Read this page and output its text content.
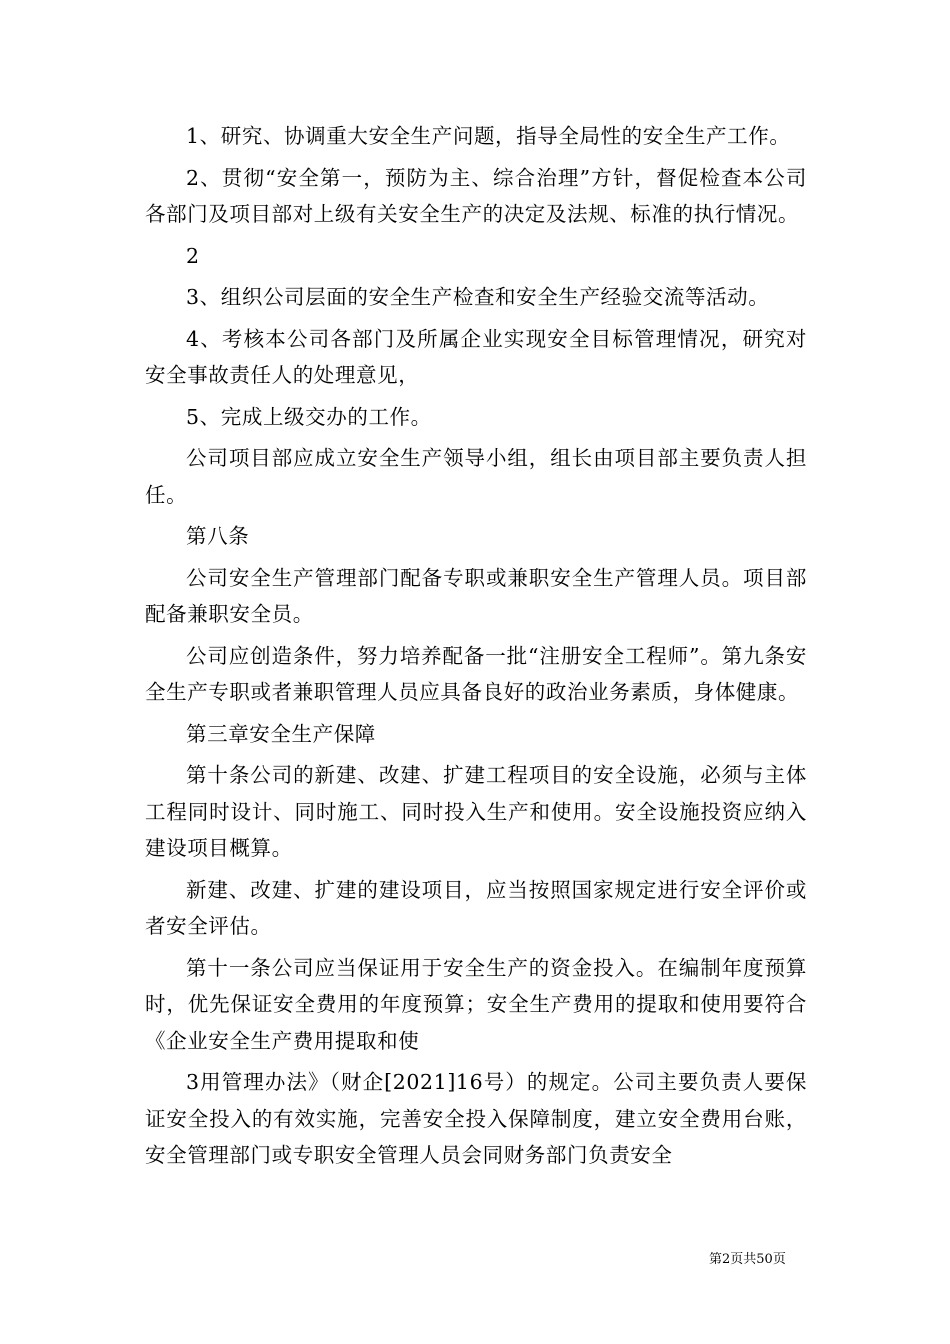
1、研究、协调重大安全生产问题，指导全局性的安全生产工作。

2、贯彻“安全第一，预防为主、综合治理”方针，督促检查本公司各部门及项目部对上级有关安全生产的决定及法规、标准的执行情况。

2

3、组织公司层面的安全生产检查和安全生产经验交流等活动。

4、考核本公司各部门及所属企业实现安全目标管理情况，研究对安全事故责任人的处理意见，

5、完成上级交办的工作。

公司项目部应成立安全生产领导小组，组长由项目部主要负责人担任。

第八条

公司安全生产管理部门配备专职或兼职安全生产管理人员。项目部配备兼职安全员。

公司应创造条件，努力培养配备一批“注册安全工程师”。第九条安全生产专职或者兼职管理人员应具备良好的政治业务素质，身体健康。

第三章安全生产保障

第十条公司的新建、改建、扩建工程项目的安全设施，必须与主体工程同时设计、同时施工、同时投入生产和使用。安全设施投资应纳入建设项目概算。

新建、改建、扩建的建设项目，应当按照国家规定进行安全评价或者安全评估。

第十一条公司应当保证用于安全生产的资金投入。在编制年度预算时，优先保证安全费用的年度预算；安全生产费用的提取和使用要符合《企业安全生产费用提取和使

3用管理办法》（财企[2021]16号）的规定。公司主要负责人要保证安全投入的有效实施，完善安全投入保障制度，建立安全费用台账，安全管理部门或专职安全管理人员会同财务部门负责安全

第2页共50页
